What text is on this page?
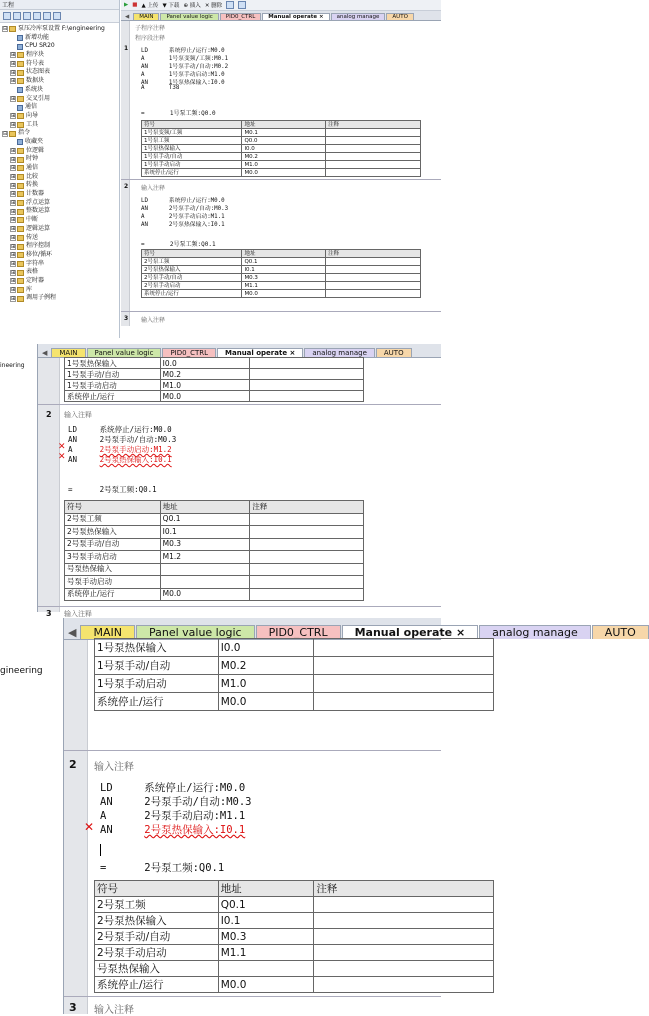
工程
⊟ 泵压冷库泵设置 F:\engineering
新增功能
CPU SR20
⊞ 程序块
⊞ 符号表
⊞ 状态图表
⊞ 数据块
系统块
⊞ 交叉引用
通信
⊞ 向导
⊞ 工具
⊟ 指令
收藏夹
⊞ 位逻辑
⊞ 时钟
⊞ 通信
⊞ 比较
⊞ 转换
⊞ 计数器
⊞ 浮点运算
⊞ 整数运算
⊞ 中断
⊞ 逻辑运算
⊞ 传送
⊞ 程序控制
⊞ 移位/循环
⊞ 字符串
⊞ 表格
⊞ 定时器
⊞ 库
⊞ 调用子例程
▶ ■ ▲ 上传 ▼ 下载 ⊕ 插入 ✕ 删除
◀	MAIN	Panel value logic	PID0_CTRL	Manual operate ×	analog manage	AUTO
子程序注释
程序段注释
1 LD      系统停止/运行:M0.0
A       1号泵变频/工频:M0.1
AN      1号泵手动/自动:M0.2
A       1号泵手动启动:M1.0
AN      1号泵热保输入:I0.0
A       T38
=       1号泵工频:Q0.0
符号	地址	注释
1号泵变频/工频	M0.1	
1号泵工频	Q0.0	
1号泵热保输入	I0.0	
1号泵手动/自动	M0.2	
1号泵手动启动	M1.0	
系统停止/运行	M0.0	
2 输入注释
LD      系统停止/运行:M0.0
AN      2号泵手动/自动:M0.3
A       2号泵手动启动:M1.1
AN      2号泵热保输入:I0.1
=       2号泵工频:Q0.1
符号	地址	注释
2号泵工频	Q0.1	
2号泵热保输入	I0.1	
2号泵手动/自动	M0.3	
2号泵手动启动	M1.1	
系统停止/运行	M0.0	
3 输入注释
ineering
◀	MAIN	Panel value logic	PID0_CTRL	Manual operate ×	analog manage	AUTO
1号泵热保输入	I0.0	
1号泵手动/自动	M0.2	
1号泵手动启动	M1.0	
系统停止/运行	M0.0	
2 输入注释
LD     系统停止/运行:M0.0
AN     2号泵手动/自动:M0.3
✕ A      2号泵手动启动:M1.2
✕ AN     2号泵热保输入:I0.1
=      2号泵工频:Q0.1
符号	地址	注释
2号泵工频	Q0.1	
2号泵热保输入	I0.1	
2号泵手动/自动	M0.3	
3号泵手动启动	M1.2	
号泵热保输入		
号泵手动启动		
系统停止/运行	M0.0	
3 输入注释
gineering
◀	MAIN	Panel value logic	PID0_CTRL	Manual operate ×	analog manage	AUTO
1号泵热保输入	I0.0	
1号泵手动/自动	M0.2	
1号泵手动启动	M1.0	
系统停止/运行	M0.0	
2 输入注释
LD     系统停止/运行:M0.0
AN     2号泵手动/自动:M0.3
A      2号泵手动启动:M1.1
✕ AN     2号泵热保输入:I0.1
=      2号泵工频:Q0.1
符号	地址	注释
2号泵工频	Q0.1	
2号泵热保输入	I0.1	
2号泵手动/自动	M0.3	
2号泵手动启动	M1.1	
号泵热保输入		
系统停止/运行	M0.0	
3 输入注释
